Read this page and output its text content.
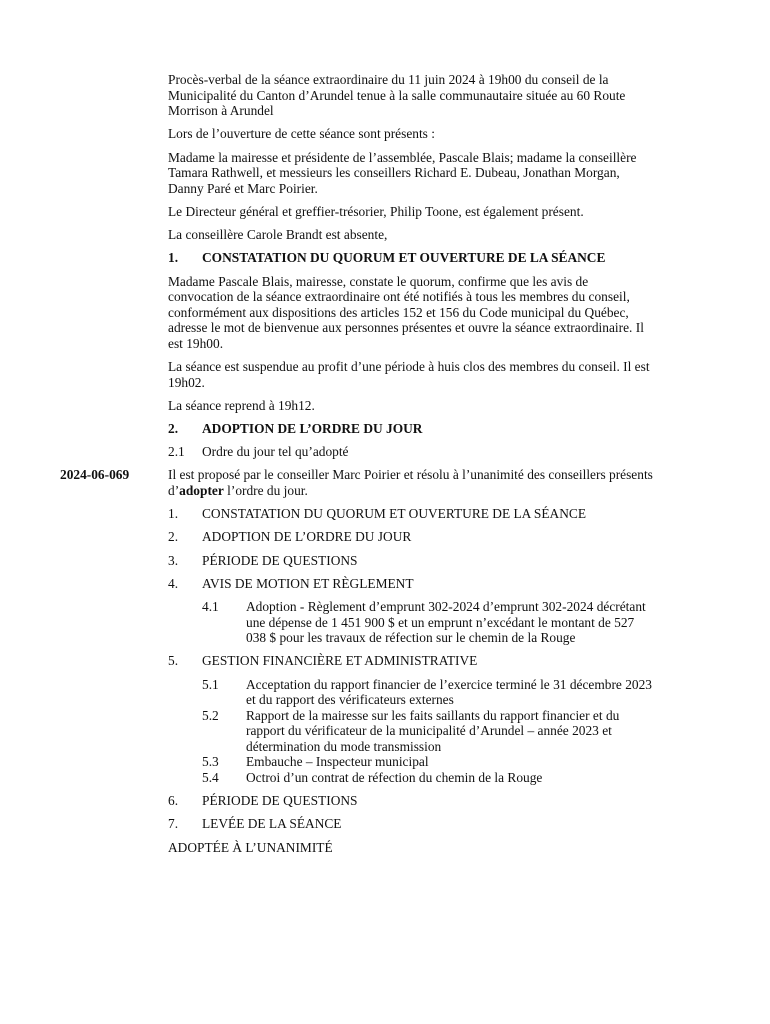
Procès-verbal de la séance extraordinaire du 11 juin 2024 à 19h00 du conseil de la Municipalité du Canton d’Arundel tenue à la salle communautaire située au 60 Route Morrison à Arundel

Lors de l’ouverture de cette séance sont présents :

Madame la mairesse et présidente de l’assemblée, Pascale Blais; madame la conseillère Tamara Rathwell, et messieurs les conseillers Richard E. Dubeau, Jonathan Morgan, Danny Paré et Marc Poirier.

Le Directeur général et greffier-trésorier, Philip Toone, est également présent.

La conseillère Carole Brandt est absente,

1.	CONSTATATION DU QUORUM ET OUVERTURE DE LA SÉANCE

Madame Pascale Blais, mairesse, constate le quorum, confirme que les avis de convocation de la séance extraordinaire ont été notifiés à tous les membres du conseil, conformément aux dispositions des articles 152 et 156 du Code municipal du Québec, adresse le mot de bienvenue aux personnes présentes et ouvre la séance extraordinaire. Il est 19h00.

La séance est suspendue au profit d’une période à huis clos des membres du conseil. Il est 19h02.

La séance reprend à 19h12.

2.	ADOPTION DE L’ORDRE DU JOUR
2.1	Ordre du jour tel qu’adopté
2024-06-069	Il est proposé par le conseiller Marc Poirier et résolu à l’unanimité des conseillers présents d’adopter l’ordre du jour.

1.	CONSTATATION DU QUORUM ET OUVERTURE DE LA SÉANCE
2.	ADOPTION DE L’ORDRE DU JOUR
3.	PÉRIODE DE QUESTIONS
4.	AVIS DE MOTION ET RÈGLEMENT
4.1	Adoption - Règlement d’emprunt 302-2024 d’emprunt 302-2024 décrétant une dépense de 1 451 900 $ et un emprunt n’excédant le montant de 527 038 $ pour les travaux de réfection sur le chemin de la Rouge
5.	GESTION FINANCIÈRE ET ADMINISTRATIVE
5.1	Acceptation du rapport financier de l’exercice terminé le 31 décembre 2023 et du rapport des vérificateurs externes
5.2	Rapport de la mairesse sur les faits saillants du rapport financier et du rapport du vérificateur de la municipalité d’Arundel – année 2023 et détermination du mode transmission
5.3	Embauche – Inspecteur municipal
5.4	Octroi d’un contrat de réfection du chemin de la Rouge
6.	PÉRIODE DE QUESTIONS
7.	LEVÉE DE LA SÉANCE

ADOPTÉE À L’UNANIMITÉ
